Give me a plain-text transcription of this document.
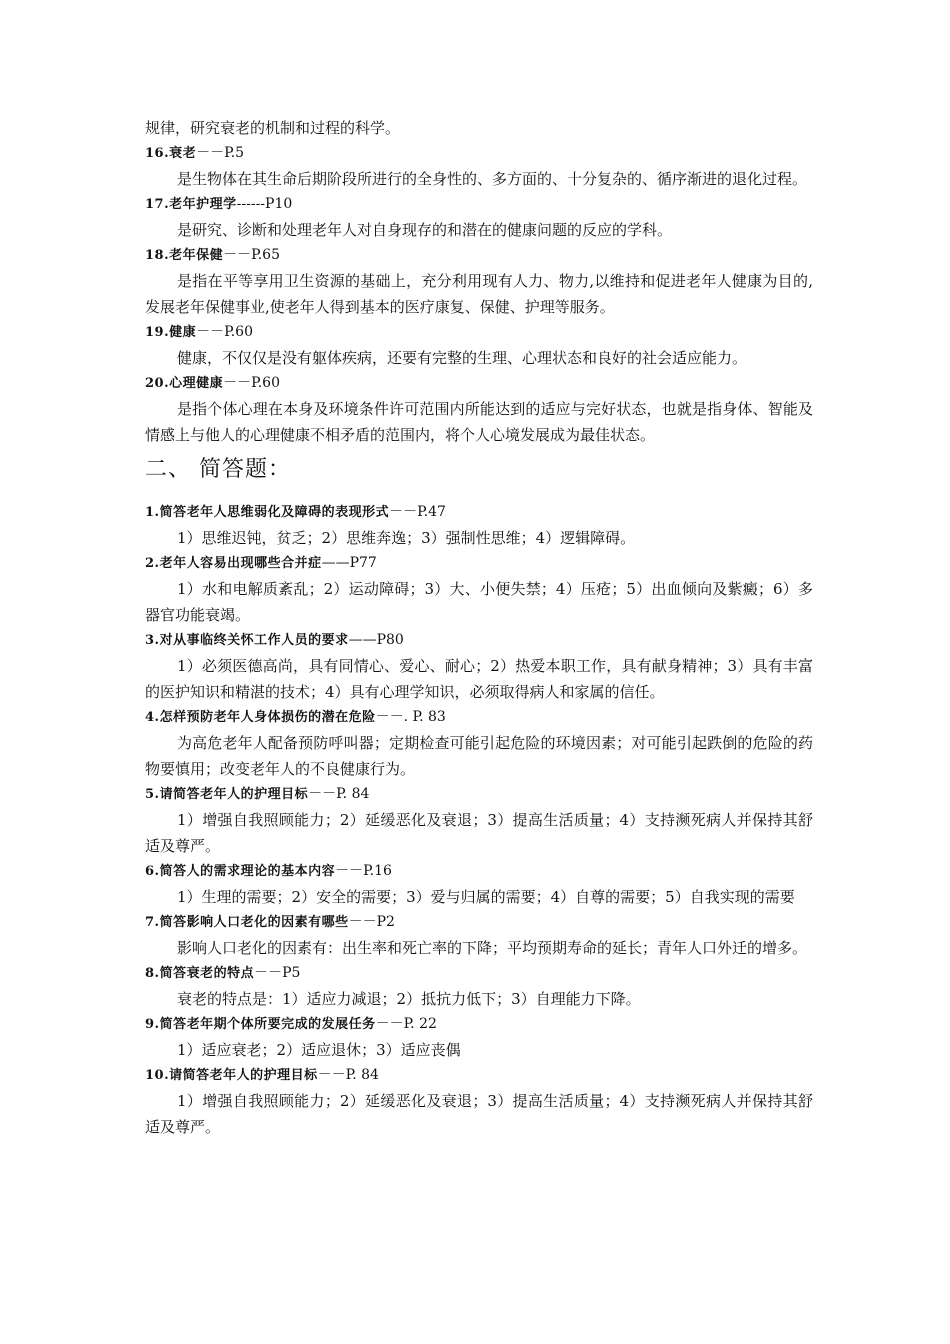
规律，研究衰老的机制和过程的科学。
16.衰老－－P.5
是生物体在其生命后期阶段所进行的全身性的、多方面的、十分复杂的、循序渐进的退化过程。
17.老年护理学------P10
是研究、诊断和处理老年人对自身现存的和潜在的健康问题的反应的学科。
18.老年保健－－P.65
是指在平等享用卫生资源的基础上，充分利用现有人力、物力,以维持和促进老年人健康为目的,发展老年保健事业,使老年人得到基本的医疗康复、保健、护理等服务。
19.健康－－P.60
健康，不仅仅是没有躯体疾病，还要有完整的生理、心理状态和良好的社会适应能力。
20.心理健康－－P.60
是指个体心理在本身及环境条件许可范围内所能达到的适应与完好状态，也就是指身体、智能及情感上与他人的心理健康不相矛盾的范围内，将个人心境发展成为最佳状态。
二、 简答题：
1.简答老年人思维弱化及障碍的表现形式－－P.47
1）思维迟钝，贫乏；2）思维奔逸；3）强制性思维；4）逻辑障碍。
2.老年人容易出现哪些合并症——P77
1）水和电解质紊乱；2）运动障碍；3）大、小便失禁；4）压疮；5）出血倾向及紫癜；6）多器官功能衰竭。
3.对从事临终关怀工作人员的要求——P80
1）必须医德高尚，具有同情心、爱心、耐心；2）热爱本职工作，具有献身精神；3）具有丰富的医护知识和精湛的技术；4）具有心理学知识，必须取得病人和家属的信任。
4.怎样预防老年人身体损伤的潜在危险－－. P. 83
为高危老年人配备预防呼叫器；定期检查可能引起危险的环境因素；对可能引起跌倒的危险的药物要慎用；改变老年人的不良健康行为。
5.请简答老年人的护理目标－－P. 84
1）增强自我照顾能力；2）延缓恶化及衰退；3）提高生活质量；4）支持濒死病人并保持其舒适及尊严。
6.简答人的需求理论的基本内容－－P.16
1）生理的需要；2）安全的需要；3）爱与归属的需要；4）自尊的需要；5）自我实现的需要
7.简答影响人口老化的因素有哪些－－P2
影响人口老化的因素有：出生率和死亡率的下降；平均预期寿命的延长；青年人口外迁的增多。
8.简答衰老的特点－－P5
衰老的特点是：1）适应力减退；2）抵抗力低下；3）自理能力下降。
9.简答老年期个体所要完成的发展任务－－P. 22
1）适应衰老；2）适应退休；3）适应丧偶
10.请简答老年人的护理目标－－P. 84
1）增强自我照顾能力；2）延缓恶化及衰退；3）提高生活质量；4）支持濒死病人并保持其舒适及尊严。
